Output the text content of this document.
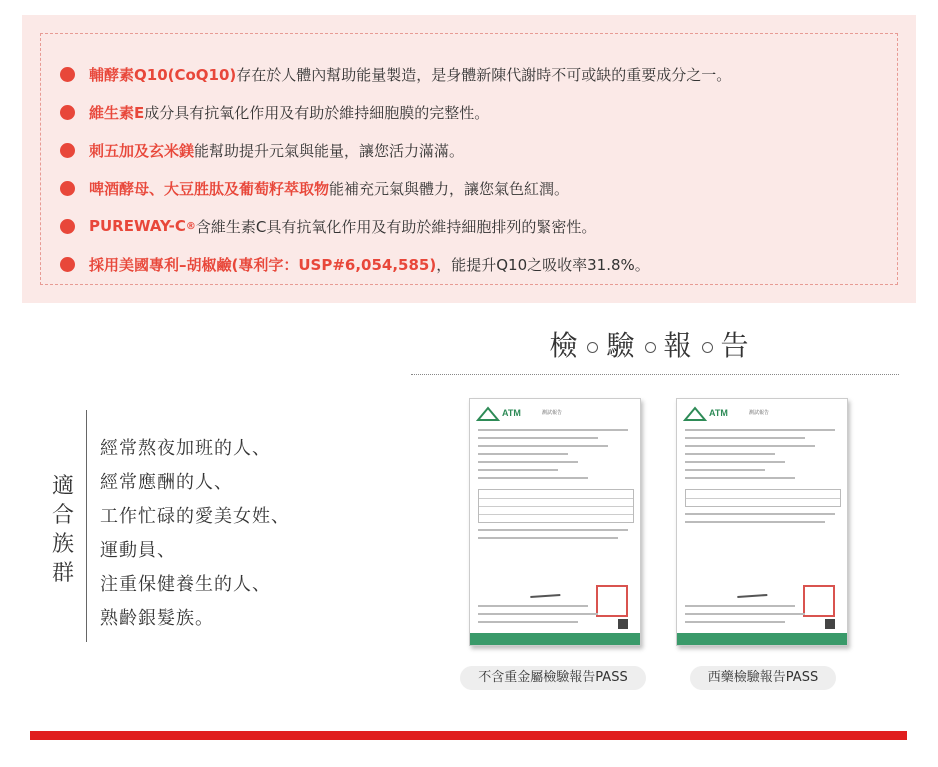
輔酵素Q10(CoQ10) 存在於人體內幫助能量製造，是身體新陳代謝時不可或缺的重要成分之一。
維生素E 成分具有抗氧化作用及有助於維持細胞膜的完整性。
刺五加及玄米鎂 能幫助提升元氣與能量，讓您活力滿滿。
啤酒酵母、大豆胜肽及葡萄籽萃取物 能補充元氣與體力，讓您氣色紅潤。
PUREWAY-C ® 含維生素C具有抗氧化作用及有助於維持細胞排列的緊密性。
採用美國專利–胡椒鹼(專利字：USP#6,054,585) ，能提升Q10之吸收率31.8%。
檢 驗 報 告
適合族群
經常熬夜加班的人、
經常應酬的人、
工作忙碌的愛美女姓、
運動員、
注重保健養生的人、
熟齡銀髮族。
ATM	測試報告	ATM	測試報告
不含重金屬檢驗報告PASS	西藥檢驗報告PASS
